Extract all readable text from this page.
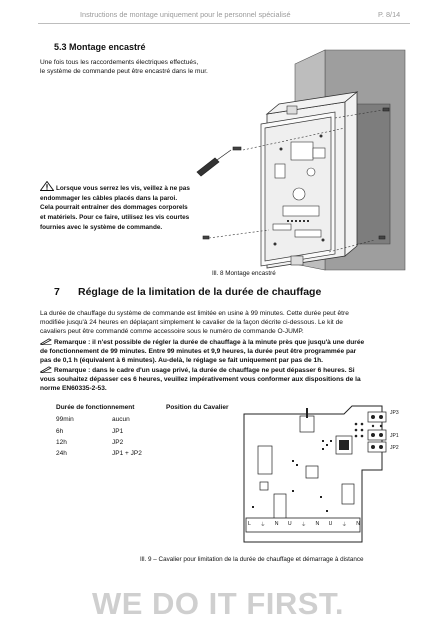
Instructions de montage uniquement pour le personnel spécialisé	P. 8/14
5.3 Montage encastré
Une fois tous les raccordements électriques effectués,
le système de commande peut être encastré dans le mur.
Lorsque vous serrez les vis, veillez à ne pas
endommager les câbles placés dans la paroi.
Cela pourrait entraîner des dommages corporels
et matériels. Pour ce faire, utilisez les vis courtes
fournies avec le système de commande.
Ill. 8 Montage encastré
7 Réglage de la limitation de la durée de chauffage
La durée de chauffage du système de commande est limitée en usine à 99 minutes. Cette durée peut être
modifiée jusqu'à 24 heures en déplaçant simplement le cavalier de la façon décrite ci-dessous. Le kit de
cavaliers peut être commandé comme accessoire sous le numéro de commande O-JUMP.
Remarque : il n'est possible de régler la durée de chauffage à la minute près que jusqu'à une durée
de fonctionnement de 99 minutes. Entre 99 minutes et 9,9 heures, la durée peut être programmée par
pas de 0,1 h (équivalent à 6 minutes). Au-delà, le réglage se fait uniquement par pas de 1h.
Remarque : dans le cadre d'un usage privé, la durée de chauffage ne peut dépasser 6 heures. Si
vous souhaitez dépasser ces 6 heures, veuillez impérativement vous conformer aux dispositions de la
norme EN60335-2-53.
Durée de fonctionnement	Position du Cavalier
99min	aucun
6h	JP1
12h	JP2
24h	JP1 + JP2
JP3
JP1
JP2
L ⏚ N U ⏚ N U ⏚ N
Ill. 9 – Cavalier pour limitation de la durée de chauffage et démarrage à distance
WE DO IT FIRST.
